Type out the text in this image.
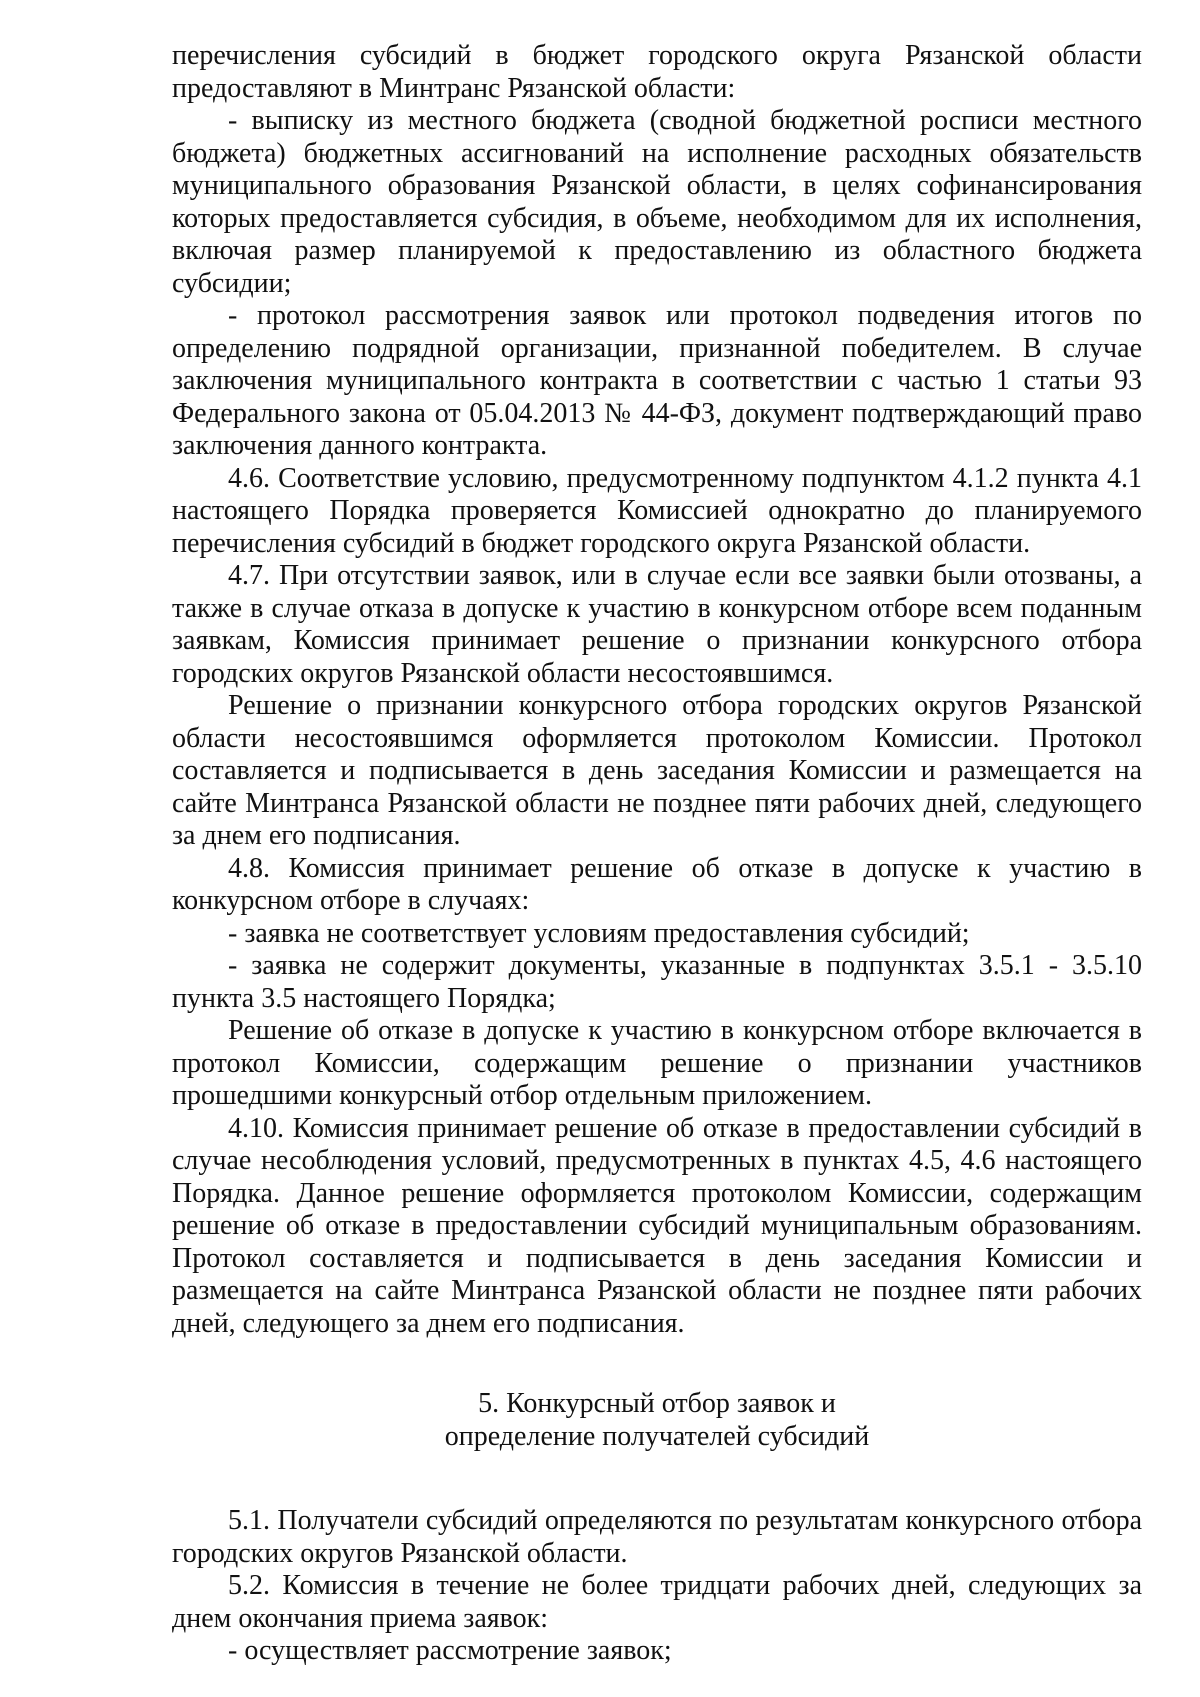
перечисления субсидий в бюджет городского округа Рязанской области предоставляют в Минтранс Рязанской области:

- выписку из местного бюджета (сводной бюджетной росписи местного бюджета) бюджетных ассигнований на исполнение расходных обязательств муниципального образования Рязанской области, в целях софинансирования которых предоставляется субсидия, в объеме, необходимом для их исполнения, включая размер планируемой к предоставлению из областного бюджета субсидии;

- протокол рассмотрения заявок или протокол подведения итогов по определению подрядной организации, признанной победителем. В случае заключения муниципального контракта в соответствии с частью 1 статьи 93 Федерального закона от 05.04.2013 № 44-ФЗ, документ подтверждающий право заключения данного контракта.

4.6. Соответствие условию, предусмотренному подпунктом 4.1.2 пункта 4.1 настоящего Порядка проверяется Комиссией однократно до планируемого перечисления субсидий в бюджет городского округа Рязанской области.

4.7. При отсутствии заявок, или в случае если все заявки были отозваны, а также в случае отказа в допуске к участию в конкурсном отборе всем поданным заявкам, Комиссия принимает решение о признании конкурсного отбора городских округов Рязанской области несостоявшимся.

Решение о признании конкурсного отбора городских округов Рязанской области несостоявшимся оформляется протоколом Комиссии. Протокол составляется и подписывается в день заседания Комиссии и размещается на сайте Минтранса Рязанской области не позднее пяти рабочих дней, следующего за днем его подписания.

4.8. Комиссия принимает решение об отказе в допуске к участию в конкурсном отборе в случаях:

- заявка не соответствует условиям предоставления субсидий;

- заявка не содержит документы, указанные в подпунктах 3.5.1 - 3.5.10 пункта 3.5 настоящего Порядка;

Решение об отказе в допуске к участию в конкурсном отборе включается в протокол Комиссии, содержащим решение о признании участников прошедшими конкурсный отбор отдельным приложением.

4.10. Комиссия принимает решение об отказе в предоставлении субсидий в случае несоблюдения условий, предусмотренных в пунктах 4.5, 4.6 настоящего Порядка. Данное решение оформляется протоколом Комиссии, содержащим решение об отказе в предоставлении субсидий муниципальным образованиям. Протокол составляется и подписывается в день заседания Комиссии и размещается на сайте Минтранса Рязанской области не позднее пяти рабочих дней, следующего за днем его подписания.

5. Конкурсный отбор заявок и
определение получателей субсидий

5.1. Получатели субсидий определяются по результатам конкурсного отбора городских округов Рязанской области.

5.2. Комиссия в течение не более тридцати рабочих дней, следующих за днем окончания приема заявок:

- осуществляет рассмотрение заявок;
